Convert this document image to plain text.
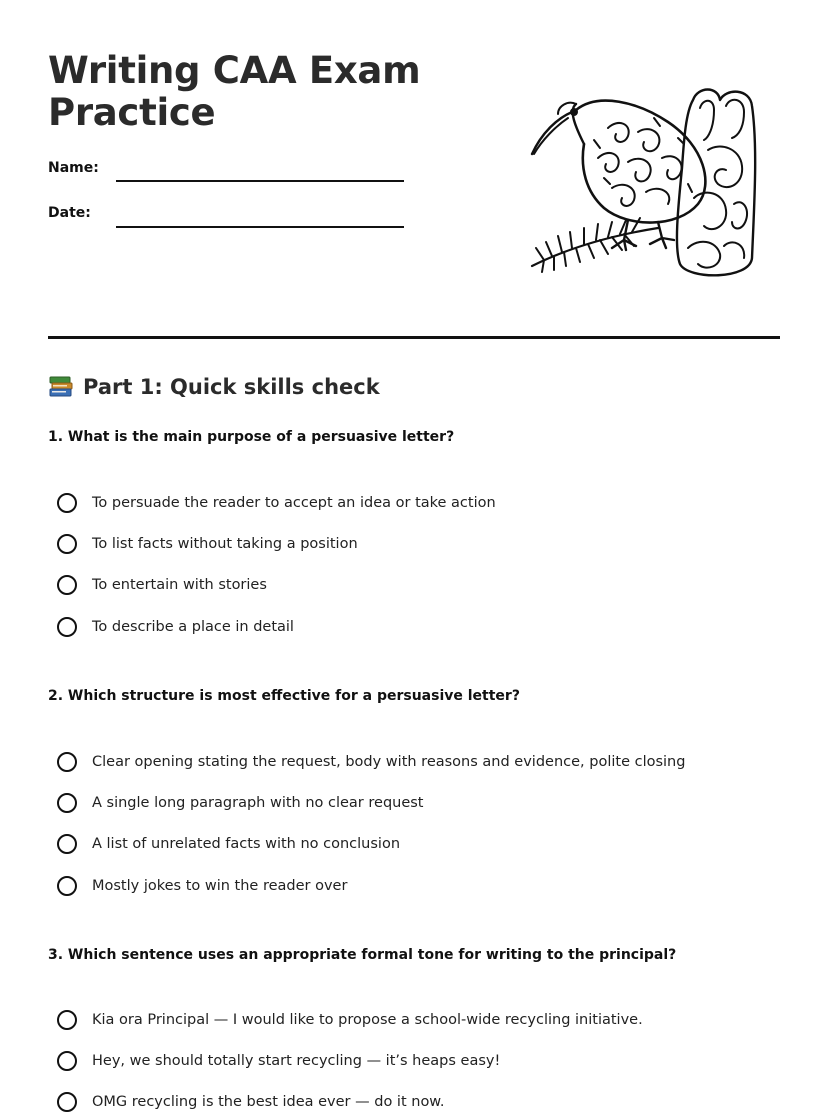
Writing CAA Exam
Practice
Name:
Date:
Part 1: Quick skills check
1. What is the main purpose of a persuasive letter?
To persuade the reader to accept an idea or take action
To list facts without taking a position
To entertain with stories
To describe a place in detail
2. Which structure is most effective for a persuasive letter?
Clear opening stating the request, body with reasons and evidence, polite closing
A single long paragraph with no clear request
A list of unrelated facts with no conclusion
Mostly jokes to win the reader over
3. Which sentence uses an appropriate formal tone for writing to the principal?
Kia ora Principal — I would like to propose a school-wide recycling initiative.
Hey, we should totally start recycling — it’s heaps easy!
OMG recycling is the best idea ever — do it now.
